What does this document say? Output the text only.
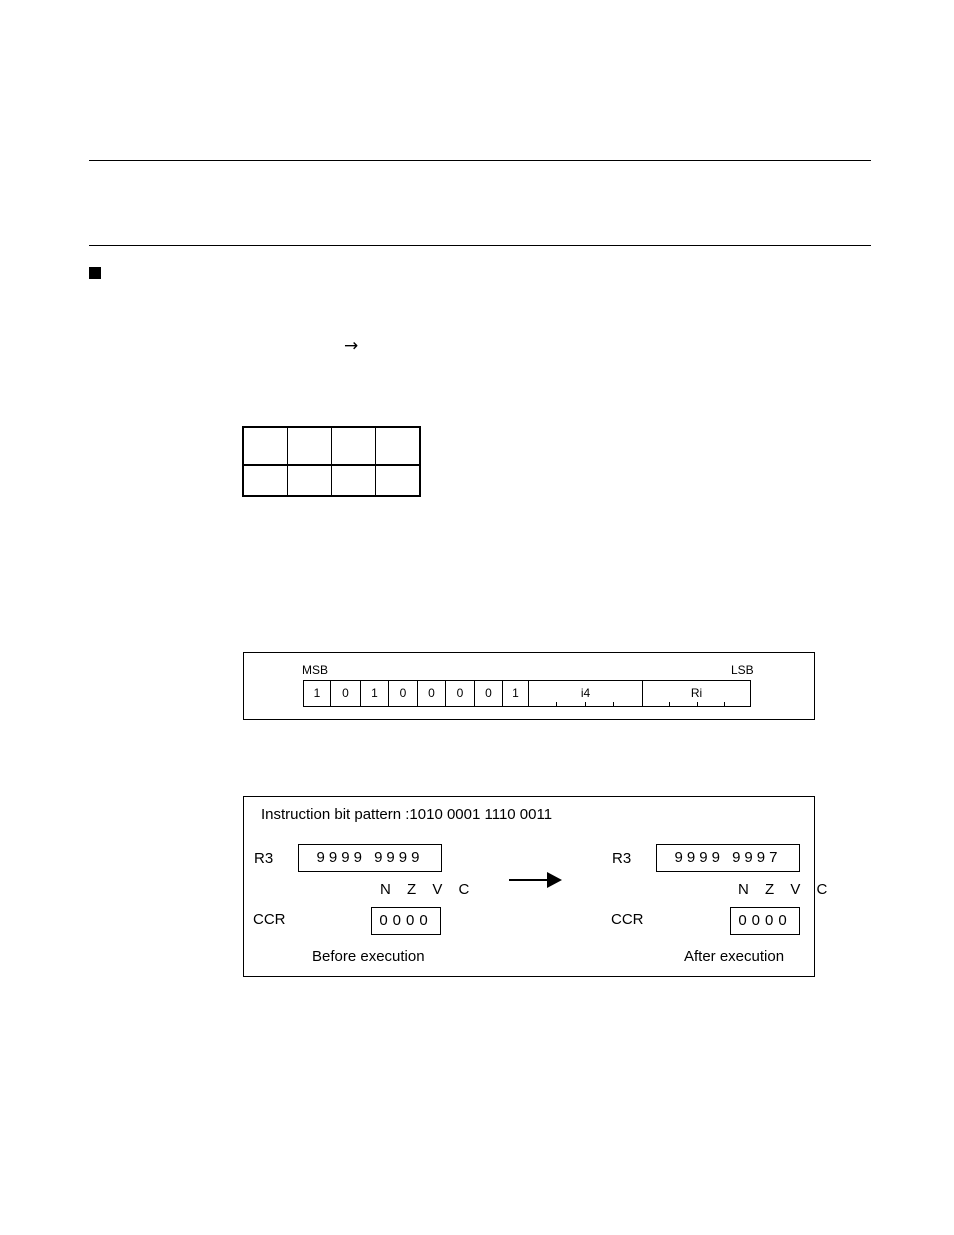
→

MSB	LSB
1	0	1	0	0	0	0	1	i4	Ri
Instruction bit pattern :1010 0001 1110 0011
R3	9999 9999
N Z V C
CCR	0000
Before execution
R3	9999 9997
N Z V C
CCR	0000
After execution
